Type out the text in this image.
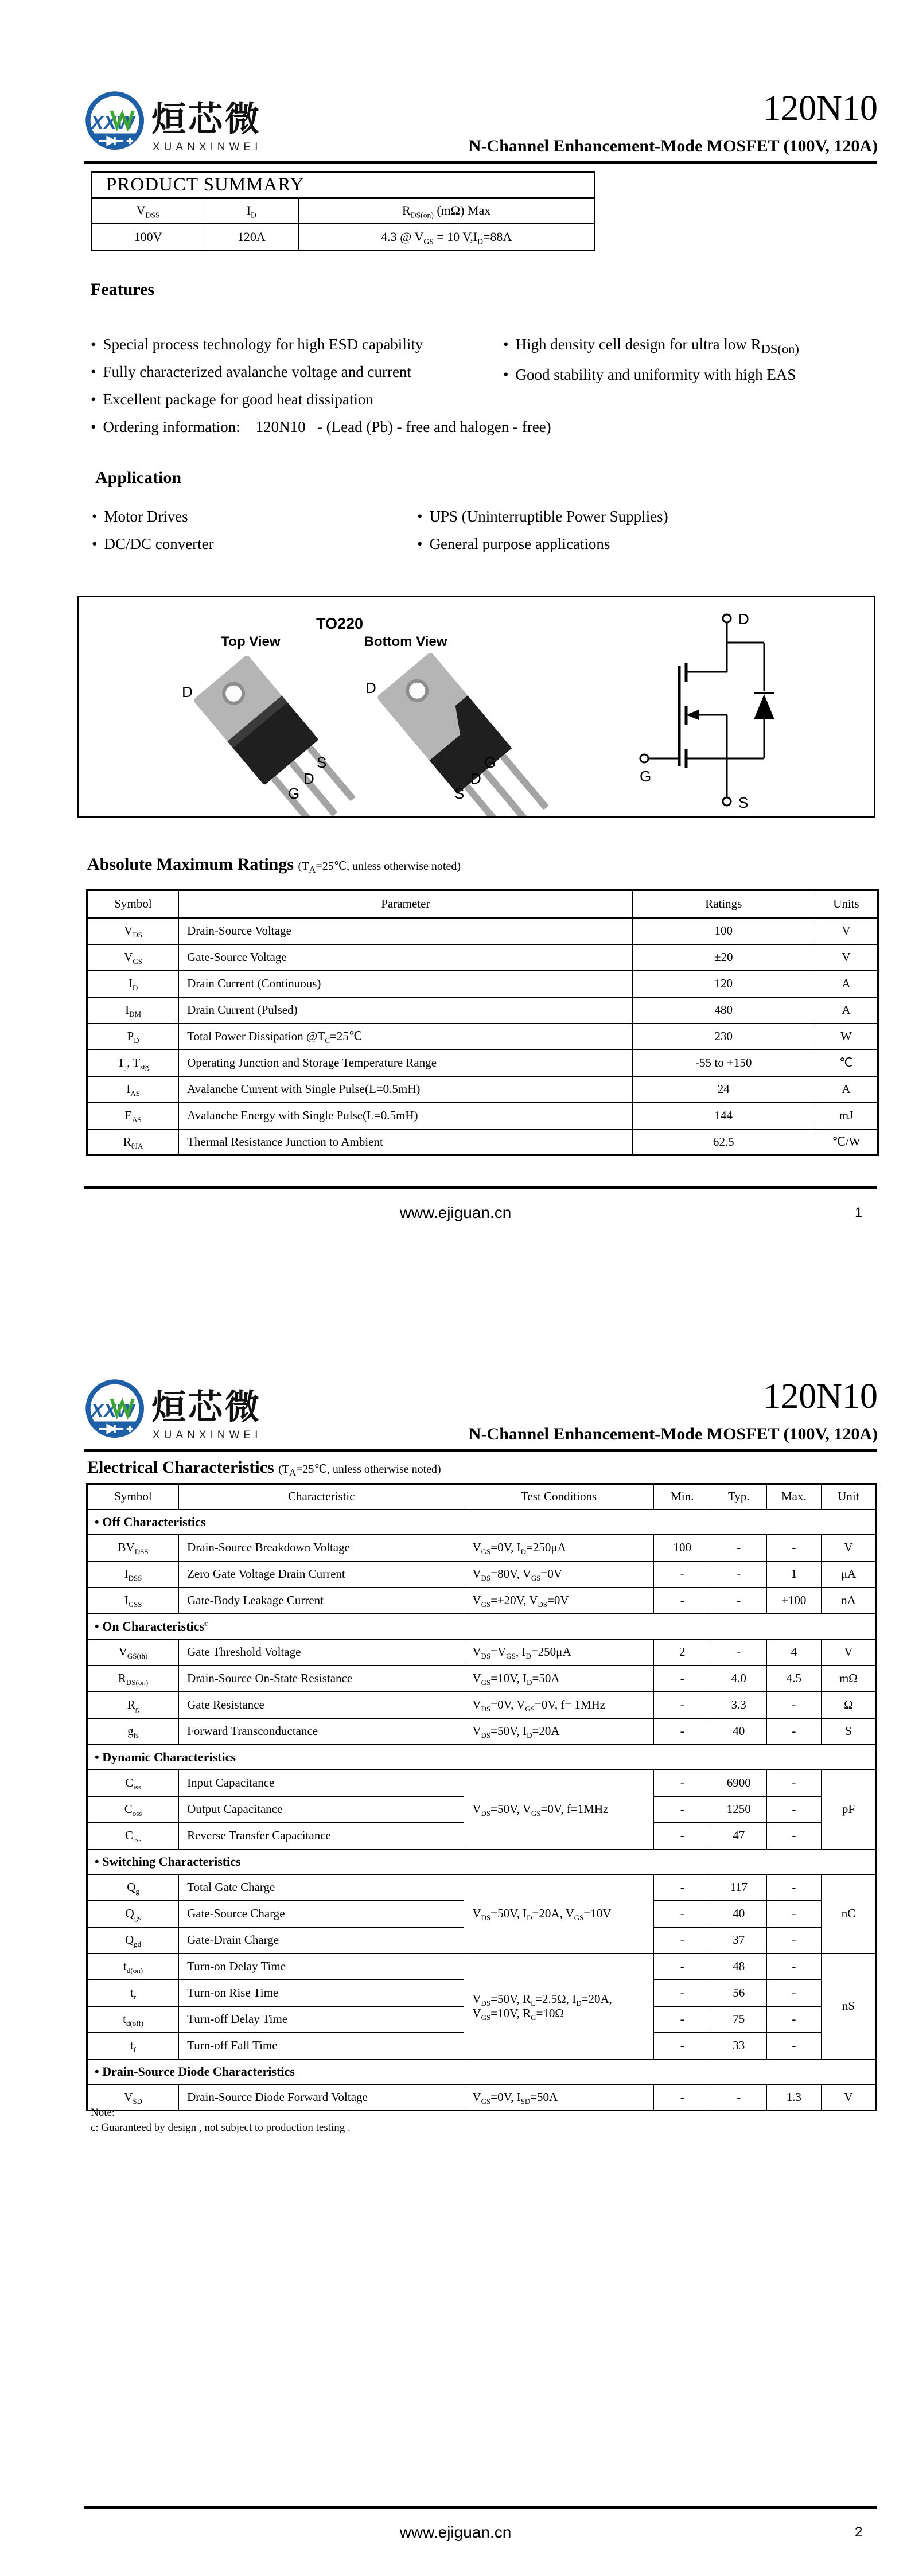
XXW 烜芯微
XUANXINWEI
120N10
N-Channel Enhancement-Mode MOSFET (100V, 120A)
PRODUCT SUMMARY		
$V_{DSS}$	$I_D$	$R_{DS(on)}$ (mΩ) Max
100V	120A	4.3 @ $V_{GS} = 10$ $V,I_D=88A$
Features
• Special process technology for high ESD capability
• Fully characterized avalanche voltage and current
• Excellent package for good heat dissipation
• Ordering information:    120N10   - (Lead (Pb) - free and halogen - free)
• High density cell design for ultra low $R_{DS(on)}$
• Good stability and uniformity with high EAS
Application
• Motor Drives
• DC/DC converter
• UPS (Uninterruptible Power Supplies)
• General purpose applications
TO220
Top View	Bottom View
D
G
D
S
D
S
D
G
D
G
S
Absolute Maximum Ratings ($T_A=25℃$, unless otherwise noted)
Symbol	Parameter	Ratings	Units
$V_{DS}$	Drain-Source Voltage	100	V
$V_{GS}$	Gate-Source Voltage	±20	V
$I_D$	Drain Current (Continuous)	120	A
$I_{DM}$	Drain Current (Pulsed)	480	A
$P_D$	Total Power Dissipation $@T_C=25℃$	230	W
$T_j$, $T_{stg}$	Operating Junction and Storage Temperature Range	-55 to +150	℃
$I_{AS}$	Avalanche Current with Single Pulse(L=0.5mH)	24	A
$E_{AS}$	Avalanche Energy with Single Pulse(L=0.5mH)	144	mJ
$R_{\theta JA}$	Thermal Resistance Junction to Ambient	62.5	℃/W
www.ejiguan.cn	1
XXW 烜芯微
XUANXINWEI
120N10
N-Channel Enhancement-Mode MOSFET (100V, 120A)
Electrical Characteristics ($T_A=25℃$, unless otherwise noted)
Symbol	Characteristic	Test Conditions	Min.	Typ.	Max.	Unit
• Off Characteristics						
$BV_{DSS}$	Drain-Source Breakdown Voltage	$V_{GS}=0V$, $I_D=250\mu A$	100	-	-	V
$I_{DSS}$	Zero Gate Voltage Drain Current	$V_{DS}=80V$, $V_{GS}=0V$	-	-	1	μA
$I_{GSS}$	Gate-Body Leakage Current	$V_{GS}=\pm 20V$, $V_{DS}=0V$	-	-	±100	nA
• On Characteristics$^c$
$V_{GS(th)}$	Gate Threshold Voltage	$V_{DS}=V_{GS}$, $I_D=250\mu A$	2	-	4	V
$R_{DS(on)}$	Drain-Source On-State Resistance	$V_{GS}=10V$, $I_D=50A$	-	4.0	4.5	mΩ
$R_g$	Gate Resistance	$V_{DS}=0V$, $V_{GS}=0V$, f= 1MHz	-	3.3	-	Ω
$g_{fs}$	Forward Transconductance	$V_{DS}=50V$, $I_D=20A$	-	40	-	S
• Dynamic Characteristics						
$C_{iss}$	Input Capacitance	$V_{DS}=50V$, $V_{GS}=0V$, f=1MHz	-	6900	-	pF
$C_{oss}$	Output Capacitance		-	1250	-	
$C_{rss}$	Reverse Transfer Capacitance		-	47	-	
• Switching Characteristics						
$Q_g$	Total Gate Charge	$V_{DS}=50V$, $I_D=20A$, $V_{GS}=10V$	-	117	-	nC
$Q_{gs}$	Gate-Source Charge		-	40	-	
$Q_{gd}$	Gate-Drain Charge		-	37	-	
$t_{d(on)}$	Turn-on Delay Time	$V_{DS}=50V$, $R_L=2.5\Omega$, $I_D=20A$,
$V_{GS}=10V$, $R_G=10\Omega$	-	48	-	nS
$t_r$	Turn-on Rise Time		-	56	-	
$t_{d(off)}$	Turn-off Delay Time		-	75	-	
$t_f$	Turn-off Fall Time		-	33	-	
• Drain-Source Diode Characteristics						
$V_{SD}$	Drain-Source Diode Forward Voltage	$V_{GS}=0V$, $I_{SD}=50A$	-	-	1.3	V
Note:
c: Guaranteed by design , not subject to production testing .
www.ejiguan.cn	2
